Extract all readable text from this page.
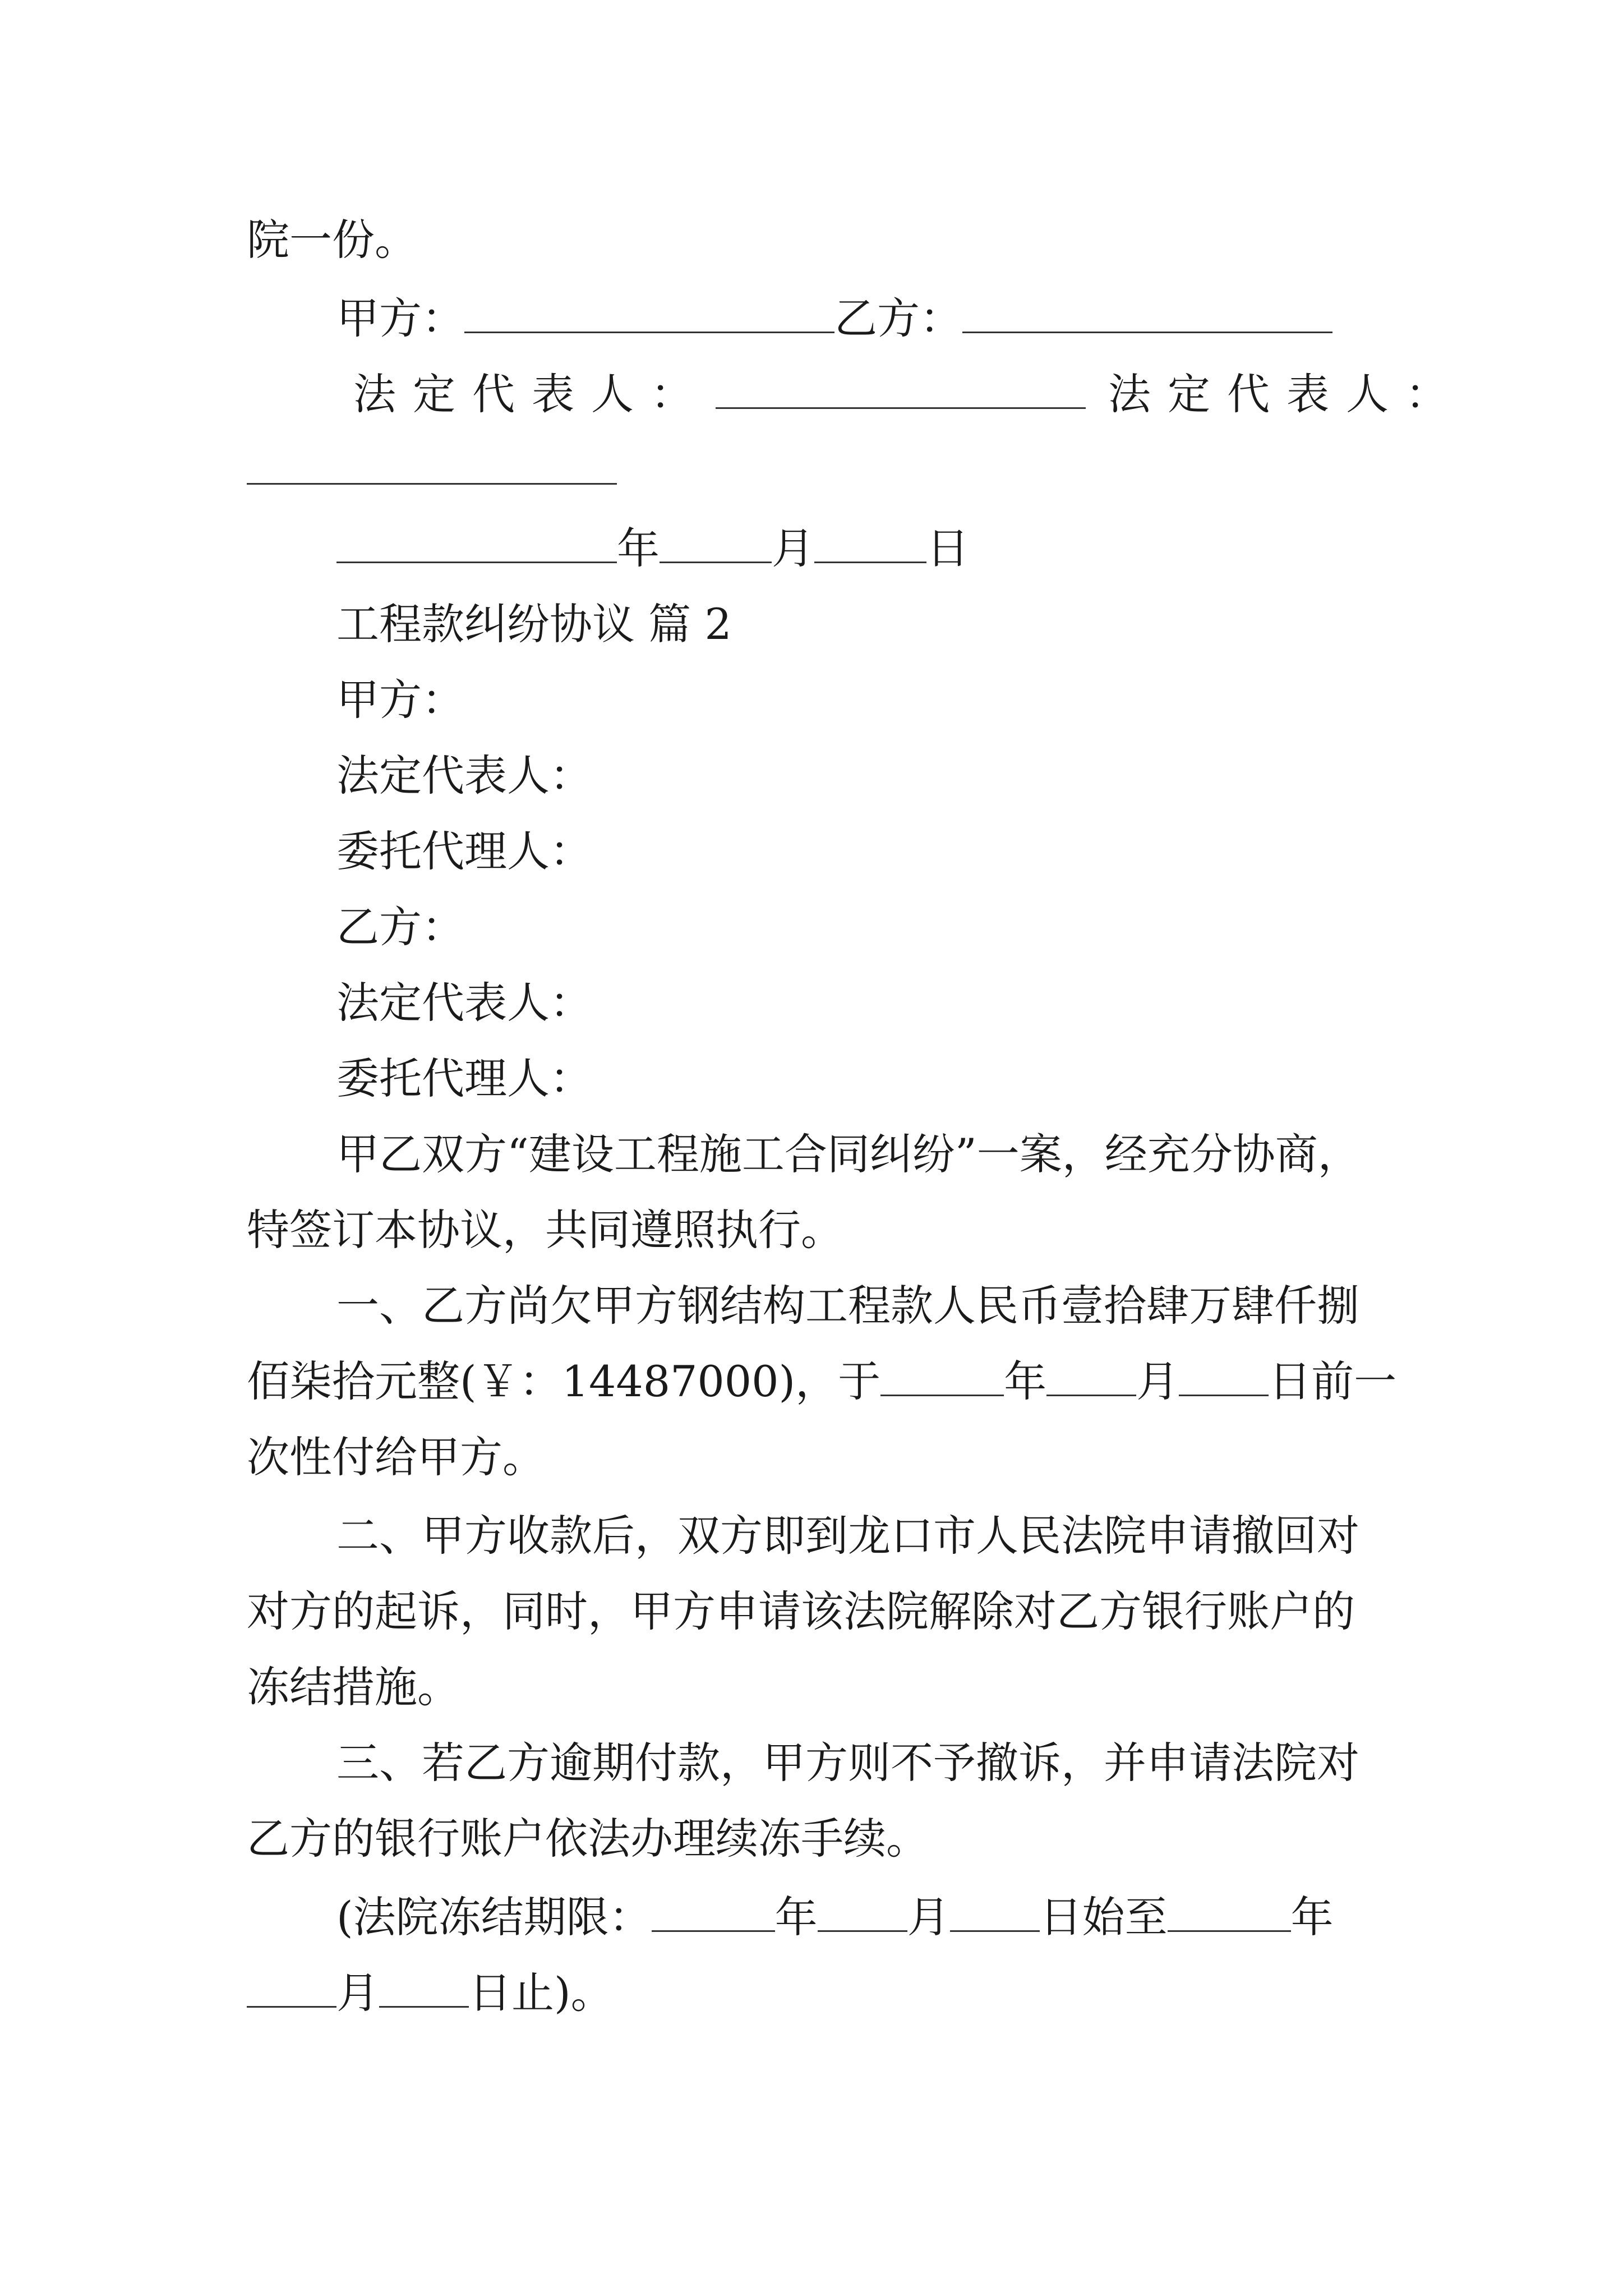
院一份。
甲方：	乙方：
法定代表人：	法定代表人：
年	月	日
工程款纠纷协议 篇 2
甲方：
法定代表人：
委托代理人：
乙方：
法定代表人：
委托代理人：
甲乙双方“建设工程施工合同纠纷”一案，经充分协商，
特签订本协议，共同遵照执行。
一、乙方尚欠甲方钢结构工程款人民币壹拾肆万肆仟捌
佰柒拾元整(￥：14487000)，于	年 月 日前一
次性付给甲方。
二、甲方收款后，双方即到龙口市人民法院申请撤回对
对方的起诉，同时，甲方申请该法院解除对乙方银行账户的
冻结措施。
三、若乙方逾期付款，甲方则不予撤诉，并申请法院对
乙方的银行账户依法办理续冻手续。
(法院冻结期限：	年 月 日始至	年
月 日止)。
